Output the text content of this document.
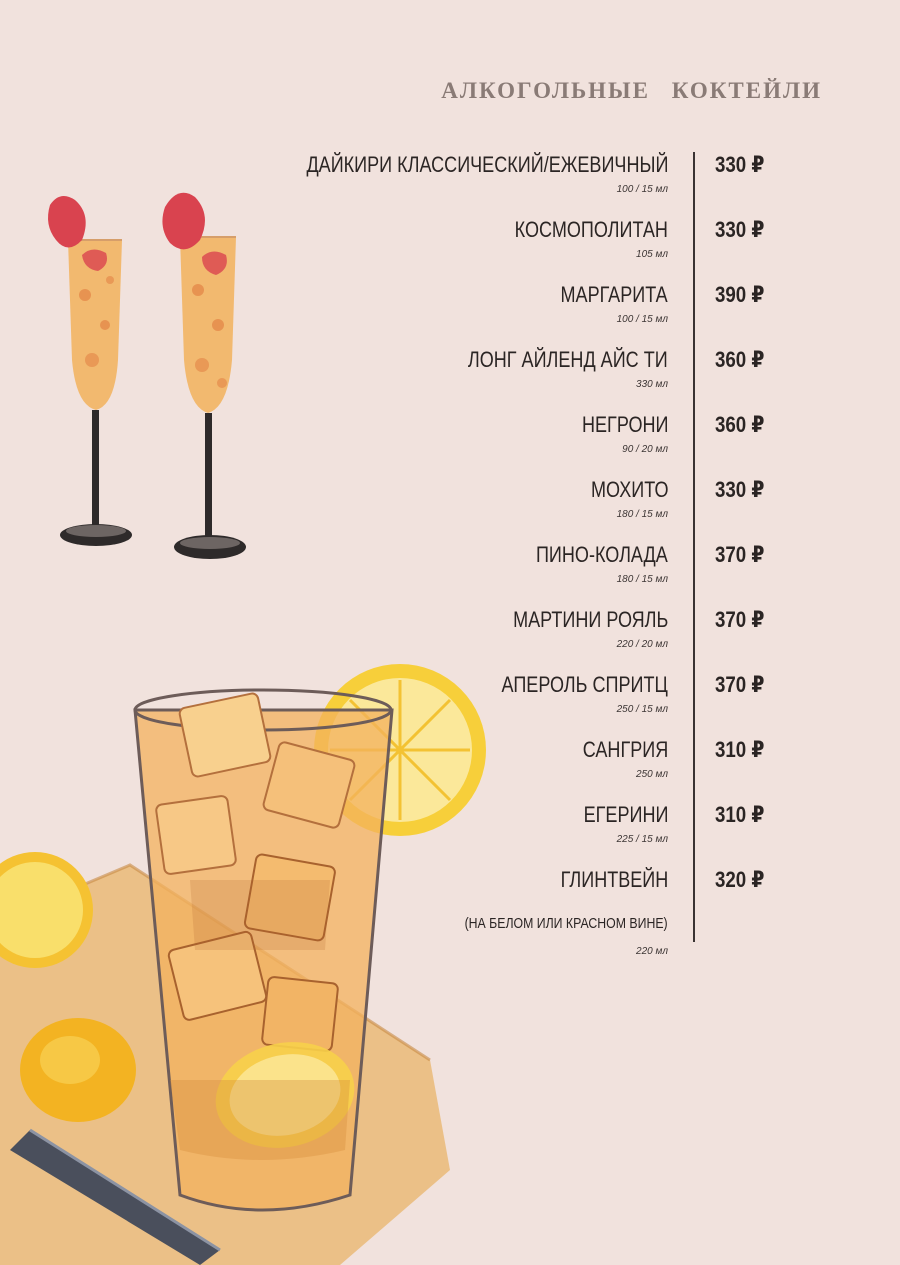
АЛКОГОЛЬНЫЕ КОКТЕЙЛИ
ДАЙКИРИ КЛАССИЧЕСКИЙ/ЕЖЕВИЧНЫЙ
100 / 15 мл
330 ₽
КОСМОПОЛИТАН
105 мл
330 ₽
МАРГАРИТА
100 / 15 мл
390 ₽
ЛОНГ АЙЛЕНД АЙС ТИ
330 мл
360 ₽
НЕГРОНИ
90 / 20 мл
360 ₽
МОХИТО
180 / 15 мл
330 ₽
ПИНО-КОЛАДА
180 / 15 мл
370 ₽
МАРТИНИ РОЯЛЬ
220 / 20 мл
370 ₽
АПЕРОЛЬ СПРИТЦ
250 / 15 мл
370 ₽
САНГРИЯ
250 мл
310 ₽
ЕГЕРИНИ
225 / 15 мл
310 ₽
ГЛИНТВЕЙН
(НА БЕЛОМ ИЛИ КРАСНОМ ВИНЕ)
220 мл
320 ₽
